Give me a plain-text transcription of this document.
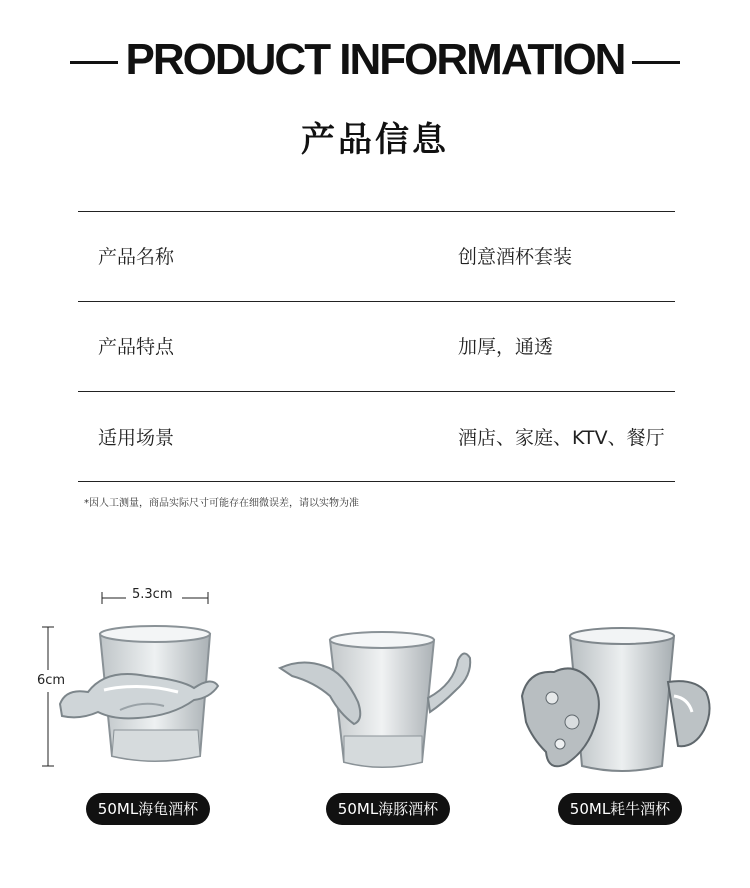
PRODUCT INFORMATION
产品信息
产品名称	创意酒杯套装
产品特点	加厚，通透
适用场景	酒店、家庭、KTV、餐厅
*因人工测量，商品实际尺寸可能存在细微误差，请以实物为准
5.3cm
6cm
50ML海龟酒杯	50ML海豚酒杯	50ML耗牛酒杯
